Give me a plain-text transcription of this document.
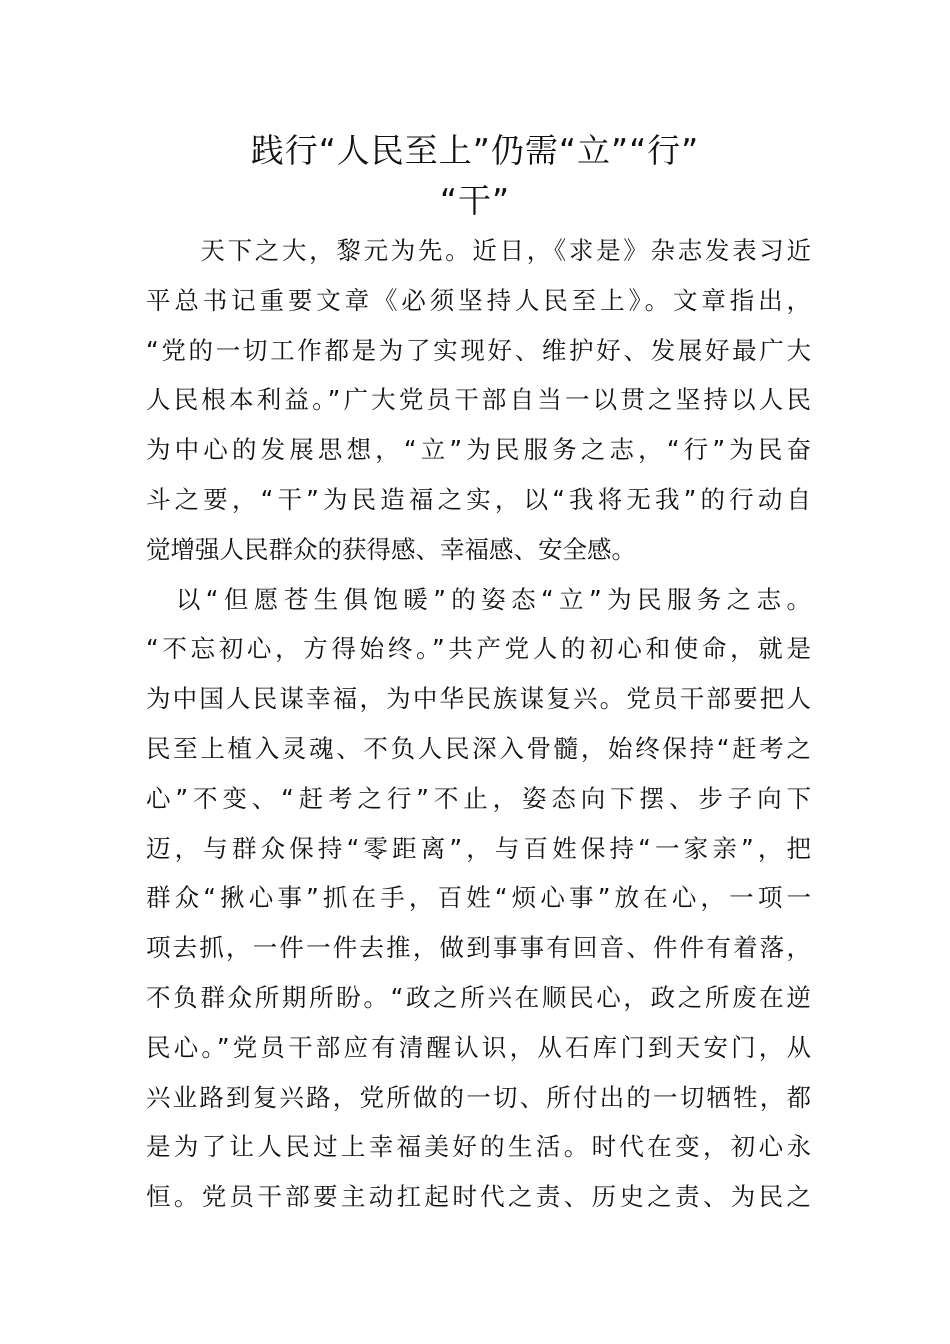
践行“人民至上”仍需“立”“行”
“干”
　　天下之大，黎元为先。近日，《求是》杂志发表习近
平总书记重要文章《必须坚持人民至上》。文章指出，
“党的一切工作都是为了实现好、维护好、发展好最广大
人民根本利益。”广大党员干部自当一以贯之坚持以人民
为中心的发展思想，“立”为民服务之志，“行”为民奋
斗之要，“干”为民造福之实，以“我将无我”的行动自
觉增强人民群众的获得感、幸福感、安全感。
　以“但愿苍生俱饱暖”的姿态“立”为民服务之志。
“不忘初心，方得始终。”共产党人的初心和使命，就是
为中国人民谋幸福，为中华民族谋复兴。党员干部要把人
民至上植入灵魂、不负人民深入骨髓，始终保持“赶考之
心”不变、“赶考之行”不止，姿态向下摆、步子向下
迈，与群众保持“零距离”，与百姓保持“一家亲”，把
群众“揪心事”抓在手，百姓“烦心事”放在心，一项一
项去抓，一件一件去推，做到事事有回音、件件有着落，
不负群众所期所盼。“政之所兴在顺民心，政之所废在逆
民心。”党员干部应有清醒认识，从石库门到天安门，从
兴业路到复兴路，党所做的一切、所付出的一切牺牲，都
是为了让人民过上幸福美好的生活。时代在变，初心永
恒。党员干部要主动扛起时代之责、历史之责、为民之
